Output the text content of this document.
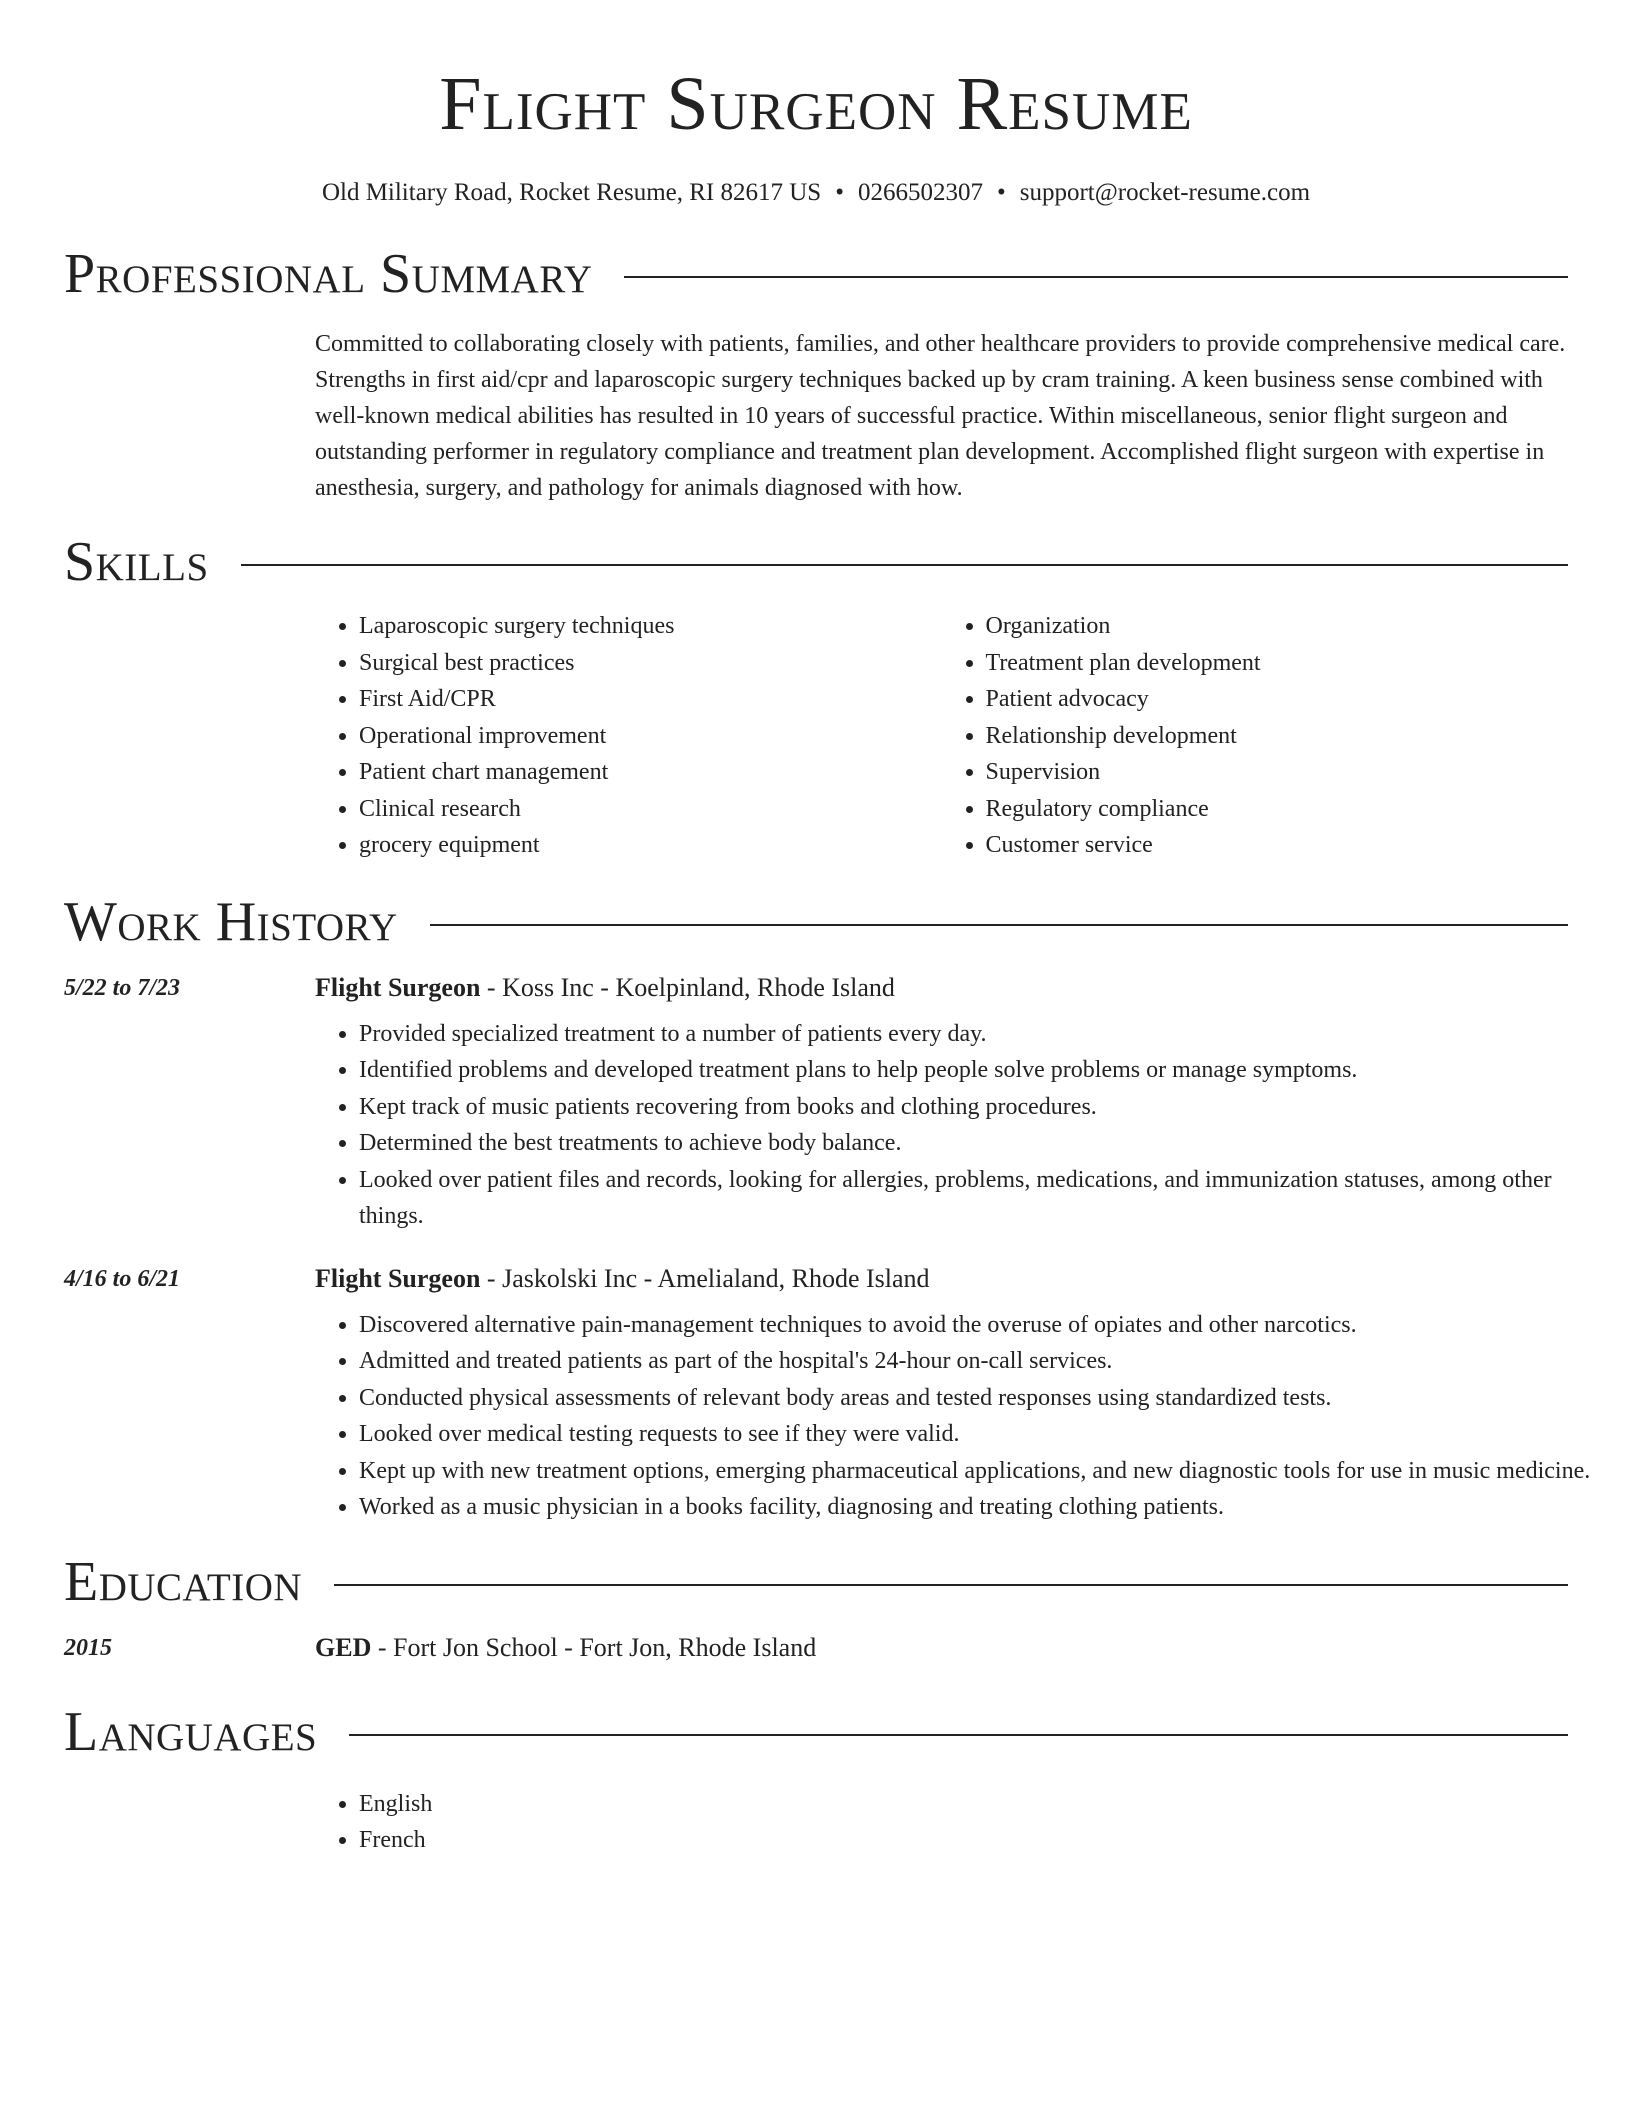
Flight Surgeon Resume
Old Military Road, Rocket Resume, RI 82617 US • 0266502307 • support@rocket-resume.com
Professional Summary
Committed to collaborating closely with patients, families, and other healthcare providers to provide comprehensive medical care. Strengths in first aid/cpr and laparoscopic surgery techniques backed up by cram training. A keen business sense combined with well-known medical abilities has resulted in 10 years of successful practice. Within miscellaneous, senior flight surgeon and outstanding performer in regulatory compliance and treatment plan development. Accomplished flight surgeon with expertise in anesthesia, surgery, and pathology for animals diagnosed with how.
Skills
• Laparoscopic surgery techniques
• Surgical best practices
• First Aid/CPR
• Operational improvement
• Patient chart management
• Clinical research
• grocery equipment
• Organization
• Treatment plan development
• Patient advocacy
• Relationship development
• Supervision
• Regulatory compliance
• Customer service
Work History
5/22 to 7/23	Flight Surgeon - Koss Inc - Koelpinland, Rhode Island
• Provided specialized treatment to a number of patients every day.
• Identified problems and developed treatment plans to help people solve problems or manage symptoms.
• Kept track of music patients recovering from books and clothing procedures.
• Determined the best treatments to achieve body balance.
• Looked over patient files and records, looking for allergies, problems, medications, and immunization statuses, among other things.
4/16 to 6/21	Flight Surgeon - Jaskolski Inc - Amelialand, Rhode Island
• Discovered alternative pain-management techniques to avoid the overuse of opiates and other narcotics.
• Admitted and treated patients as part of the hospital's 24-hour on-call services.
• Conducted physical assessments of relevant body areas and tested responses using standardized tests.
• Looked over medical testing requests to see if they were valid.
• Kept up with new treatment options, emerging pharmaceutical applications, and new diagnostic tools for use in music medicine.
• Worked as a music physician in a books facility, diagnosing and treating clothing patients.
Education
2015	GED - Fort Jon School - Fort Jon, Rhode Island
Languages
• English
• French
